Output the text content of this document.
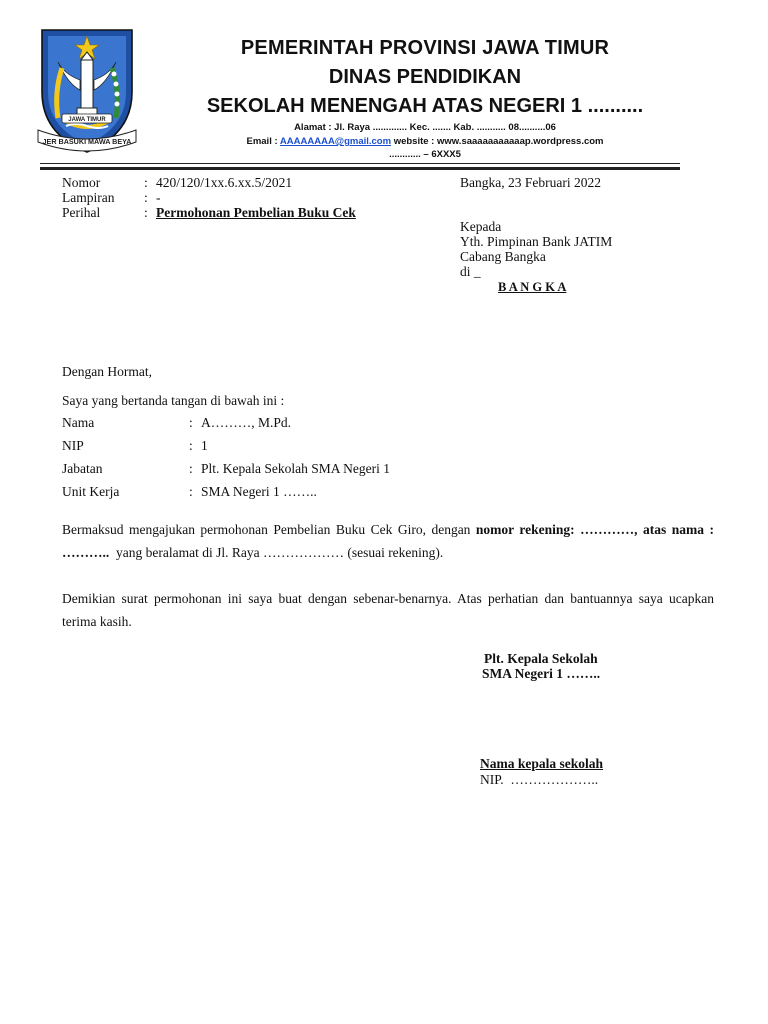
JAWA TIMUR
JER BASUKI MAWA BEYA
PEMERINTAH PROVINSI JAWA TIMUR
DINAS PENDIDIKAN
SEKOLAH MENENGAH ATAS NEGERI 1 ..........
Alamat : Jl. Raya ............. Kec. ....... Kab. ........... 08..........06
Email : AAAAAAAA@gmail.com website : www.saaaaaaaaaaap.wordpress.com
............ – 6XXX5
Nomor	: 420/120/1xx.6.xx.5/2021
Lampiran : -
Perihal	: Permohonan Pembelian Buku Cek
Bangka, 23 Februari 2022
Kepada
Yth. Pimpinan Bank JATIM
Cabang Bangka
di _
B A N G K A
Dengan Hormat,
Saya yang bertanda tangan di bawah ini :
Nama	: A………, M.Pd.
NIP	: 1
Jabatan	: Plt. Kepala Sekolah SMA Negeri 1
Unit Kerja	: SMA Negeri 1 ……..
Bermaksud mengajukan permohonan Pembelian Buku Cek Giro, dengan nomor rekening: …………, atas nama : ………..  yang beralamat di Jl. Raya ……………… (sesuai rekening).
Demikian surat permohonan ini saya buat dengan sebenar-benarnya. Atas perhatian dan bantuannya saya ucapkan terima kasih.
Plt. Kepala Sekolah
SMA Negeri 1 ……..
Nama kepala sekolah
NIP.  ………………..
